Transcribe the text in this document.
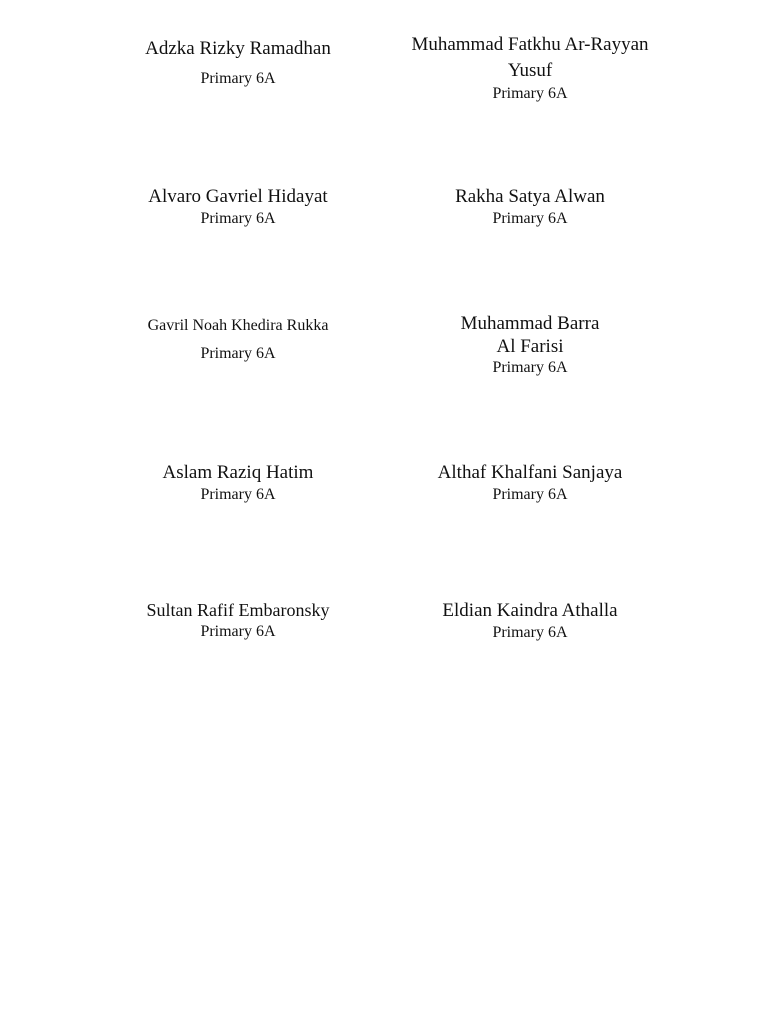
Adzka Rizky Ramadhan
Primary 6A
Muhammad Fatkhu Ar-Rayyan
Yusuf
Primary 6A
Alvaro Gavriel Hidayat
Primary 6A
Rakha Satya Alwan
Primary 6A
Gavril Noah Khedira Rukka
Primary 6A
Muhammad Barra
Al Farisi
Primary 6A
Aslam Raziq Hatim
Primary 6A
Althaf Khalfani Sanjaya
Primary 6A
Sultan Rafif Embaronsky
Primary 6A
Eldian Kaindra Athalla
Primary 6A
